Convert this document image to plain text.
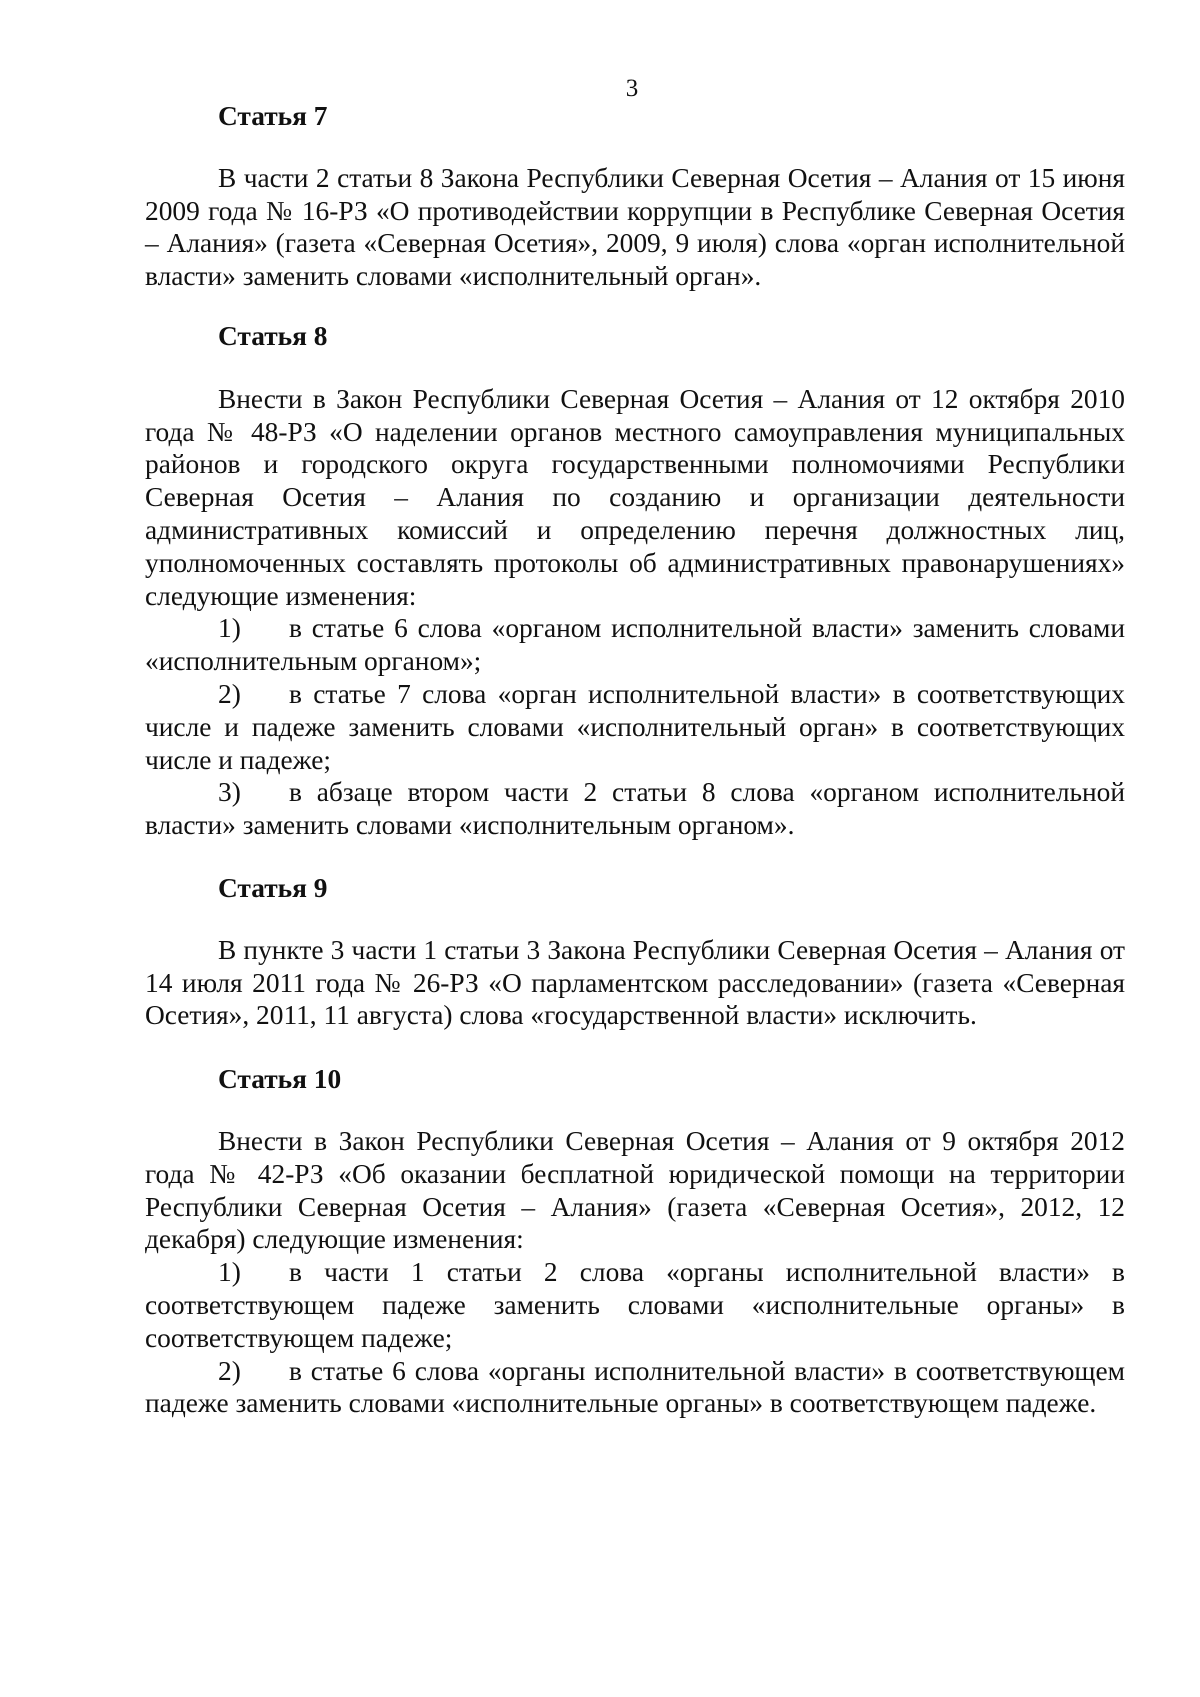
3

Статья 7

В части 2 статьи 8 Закона Республики Северная Осетия – Алания от 15 июня 2009 года № 16-РЗ «О противодействии коррупции в Республике Северная Осетия – Алания» (газета «Северная Осетия», 2009, 9 июля) слова «орган исполнительной власти» заменить словами «исполнительный орган».

Статья 8

Внести в Закон Республики Северная Осетия – Алания от 12 октября 2010 года № 48-РЗ «О наделении органов местного самоуправления муниципальных районов и городского округа государственными полномочиями Республики Северная Осетия – Алания по созданию и организации деятельности административных комиссий и определению перечня должностных лиц, уполномоченных составлять протоколы об административных правонарушениях» следующие изменения:

1) в статье 6 слова «органом исполнительной власти» заменить словами «исполнительным органом»;

2) в статье 7 слова «орган исполнительной власти» в соответствующих числе и падеже заменить словами «исполнительный орган» в соответствующих числе и падеже;

3) в абзаце втором части 2 статьи 8 слова «органом исполнительной власти» заменить словами «исполнительным органом».

Статья 9

В пункте 3 части 1 статьи 3 Закона Республики Северная Осетия – Алания от 14 июля 2011 года № 26-РЗ «О парламентском расследовании» (газета «Северная Осетия», 2011, 11 августа) слова «государственной власти» исключить.

Статья 10

Внести в Закон Республики Северная Осетия – Алания от 9 октября 2012 года № 42-РЗ «Об оказании бесплатной юридической помощи на территории Республики Северная Осетия – Алания» (газета «Северная Осетия», 2012, 12 декабря) следующие изменения:

1) в части 1 статьи 2 слова «органы исполнительной власти» в соответствующем падеже заменить словами «исполнительные органы» в соответствующем падеже;

2) в статье 6 слова «органы исполнительной власти» в соответствующем падеже заменить словами «исполнительные органы» в соответствующем падеже.
